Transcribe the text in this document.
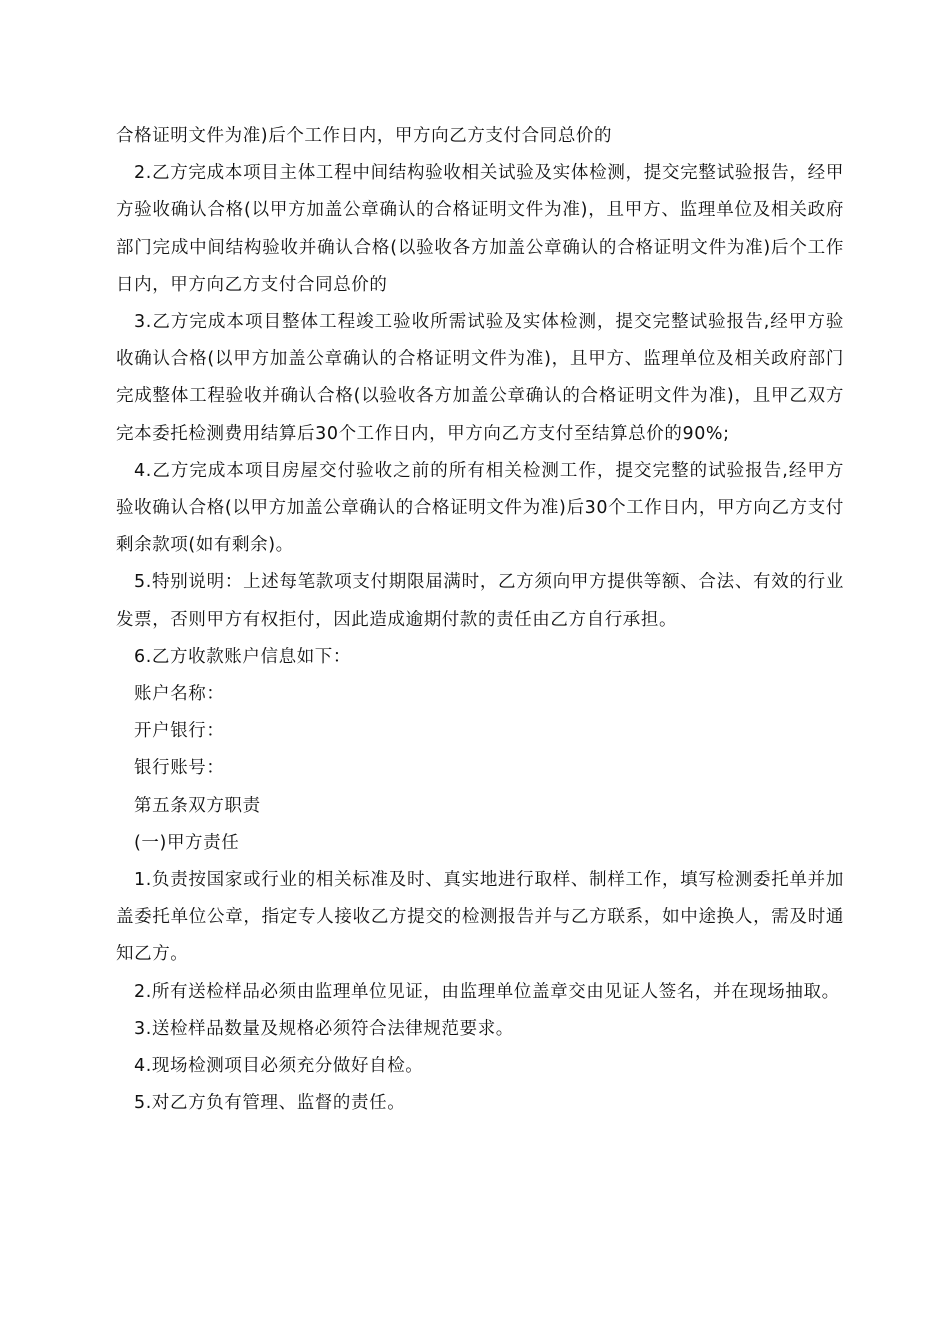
合格证明文件为准)后个工作日内，甲方向乙方支付合同总价的

2.乙方完成本项目主体工程中间结构验收相关试验及实体检测，提交完整试验报告，经甲方验收确认合格(以甲方加盖公章确认的合格证明文件为准)，且甲方、监理单位及相关政府部门完成中间结构验收并确认合格(以验收各方加盖公章确认的合格证明文件为准)后个工作日内，甲方向乙方支付合同总价的

3.乙方完成本项目整体工程竣工验收所需试验及实体检测，提交完整试验报告,经甲方验收确认合格(以甲方加盖公章确认的合格证明文件为准)，且甲方、监理单位及相关政府部门完成整体工程验收并确认合格(以验收各方加盖公章确认的合格证明文件为准)，且甲乙双方完本委托检测费用结算后30个工作日内，甲方向乙方支付至结算总价的90%;

4.乙方完成本项目房屋交付验收之前的所有相关检测工作，提交完整的试验报告,经甲方验收确认合格(以甲方加盖公章确认的合格证明文件为准)后30个工作日内，甲方向乙方支付剩余款项(如有剩余)。

5.特别说明：上述每笔款项支付期限届满时，乙方须向甲方提供等额、合法、有效的行业发票，否则甲方有权拒付，因此造成逾期付款的责任由乙方自行承担。

6.乙方收款账户信息如下：

账户名称：

开户银行：

银行账号：

第五条双方职责

(一)甲方责任

1.负责按国家或行业的相关标准及时、真实地进行取样、制样工作，填写检测委托单并加盖委托单位公章，指定专人接收乙方提交的检测报告并与乙方联系，如中途换人，需及时通知乙方。

2.所有送检样品必须由监理单位见证，由监理单位盖章交由见证人签名，并在现场抽取。

3.送检样品数量及规格必须符合法律规范要求。

4.现场检测项目必须充分做好自检。

5.对乙方负有管理、监督的责任。
